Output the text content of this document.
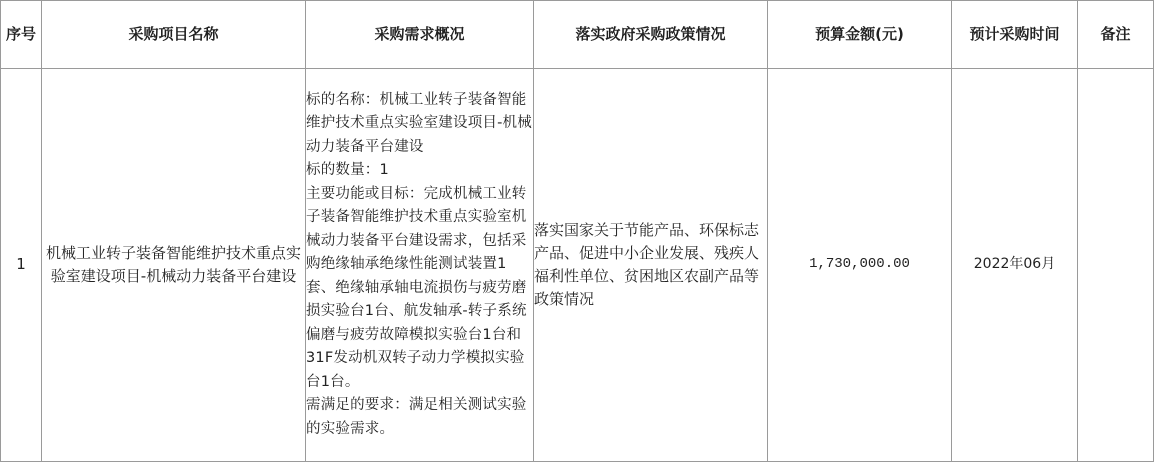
序号	采购项目名称	采购需求概况	落实政府采购政策情况	预算金额(元)	预计采购时间	备注
1	机械工业转子装备智能维护技术重点实验室建设项目-机械动力装备平台建设	标的名称：机械工业转子装备智能维护技术重点实验室建设项目-机械动力装备平台建设
标的数量：1
主要功能或目标：完成机械工业转子装备智能维护技术重点实验室机械动力装备平台建设需求，包括采购绝缘轴承绝缘性能测试装置1套、绝缘轴承轴电流损伤与疲劳磨损实验台1台、航发轴承-转子系统偏磨与疲劳故障模拟实验台1台和31F发动机双转子动力学模拟实验台1台。
需满足的要求：满足相关测试实验的实验需求。	落实国家关于节能产品、环保标志产品、促进中小企业发展、残疾人福利性单位、贫困地区农副产品等政策情况	1,730,000.00	2022年06月	
